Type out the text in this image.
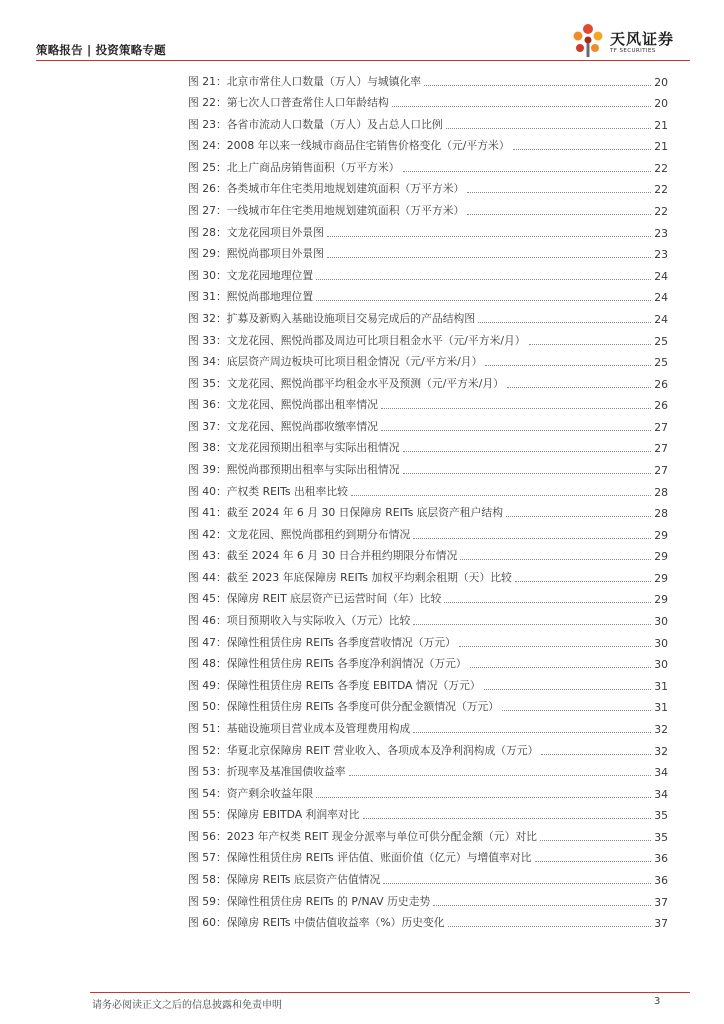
策略报告 | 投资策略专题
天风证券
TF SECURITIES
图 21：北京市常住人口数量（万人）与城镇化率	20
图 22：第七次人口普查常住人口年龄结构	20
图 23：各省市流动人口数量（万人）及占总人口比例	21
图 24：2008 年以来一线城市商品住宅销售价格变化（元/平方米）	21
图 25：北上广商品房销售面积（万平方米）	22
图 26：各类城市年住宅类用地规划建筑面积（万平方米）	22
图 27：一线城市年住宅类用地规划建筑面积（万平方米）	22
图 28：文龙花园项目外景图	23
图 29：熙悦尚郡项目外景图	23
图 30：文龙花园地理位置	24
图 31：熙悦尚郡地理位置	24
图 32：扩募及新购入基础设施项目交易完成后的产品结构图	24
图 33：文龙花园、熙悦尚郡及周边可比项目租金水平（元/平方米/月）	25
图 34：底层资产周边板块可比项目租金情况（元/平方米/月）	25
图 35：文龙花园、熙悦尚郡平均租金水平及预测（元/平方米/月）	26
图 36：文龙花园、熙悦尚郡出租率情况	26
图 37：文龙花园、熙悦尚郡收缴率情况	27
图 38：文龙花园预期出租率与实际出租情况	27
图 39：熙悦尚郡预期出租率与实际出租情况	27
图 40：产权类 REITs 出租率比较	28
图 41：截至 2024 年 6 月 30 日保障房 REITs 底层资产租户结构	28
图 42：文龙花园、熙悦尚郡租约到期分布情况	29
图 43：截至 2024 年 6 月 30 日合并租约期限分布情况	29
图 44：截至 2023 年底保障房 REITs 加权平均剩余租期（天）比较	29
图 45：保障房 REIT 底层资产已运营时间（年）比较	29
图 46：项目预期收入与实际收入（万元）比较	30
图 47：保障性租赁住房 REITs 各季度营收情况（万元）	30
图 48：保障性租赁住房 REITs 各季度净利润情况（万元）	30
图 49：保障性租赁住房 REITs 各季度 EBITDA 情况（万元）	31
图 50：保障性租赁住房 REITs 各季度可供分配金额情况（万元）	31
图 51：基础设施项目营业成本及管理费用构成	32
图 52：华夏北京保障房 REIT 营业收入、各项成本及净利润构成（万元）	32
图 53：折现率及基准国债收益率	34
图 54：资产剩余收益年限	34
图 55：保障房 EBITDA 利润率对比	35
图 56：2023 年产权类 REIT 现金分派率与单位可供分配金额（元）对比	35
图 57：保障性租赁住房 REITs 评估值、账面价值（亿元）与增值率对比	36
图 58：保障房 REITs 底层资产估值情况	36
图 59：保障性租赁住房 REITs 的 P/NAV 历史走势	37
图 60：保障房 REITs 中债估值收益率（%）历史变化	37
请务必阅读正文之后的信息披露和免责申明	3
